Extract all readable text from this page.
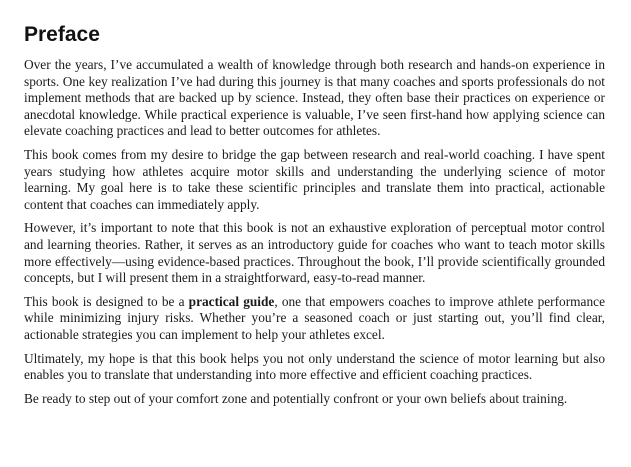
Preface

Over the years, I’ve accumulated a wealth of knowledge through both research and hands-on experience in sports. One key realization I’ve had during this journey is that many coaches and sports professionals do not implement methods that are backed up by science. Instead, they often base their practices on experience or anecdotal knowledge. While practical experience is valuable, I’ve seen first-hand how applying science can elevate coaching practices and lead to better outcomes for athletes.

This book comes from my desire to bridge the gap between research and real-world coaching. I have spent years studying how athletes acquire motor skills and understanding the underlying science of motor learning. My goal here is to take these scientific principles and translate them into practical, actionable content that coaches can immediately apply.

However, it’s important to note that this book is not an exhaustive exploration of perceptual motor control and learning theories. Rather, it serves as an introductory guide for coaches who want to teach motor skills more effectively—using evidence-based practices. Throughout the book, I’ll provide scientifically grounded concepts, but I will present them in a straightforward, easy-to-read manner.

This book is designed to be a practical guide, one that empowers coaches to improve athlete performance while minimizing injury risks. Whether you’re a seasoned coach or just starting out, you’ll find clear, actionable strategies you can implement to help your athletes excel.

Ultimately, my hope is that this book helps you not only understand the science of motor learning but also enables you to translate that understanding into more effective and efficient coaching practices.

Be ready to step out of your comfort zone and potentially confront or your own beliefs about training.
